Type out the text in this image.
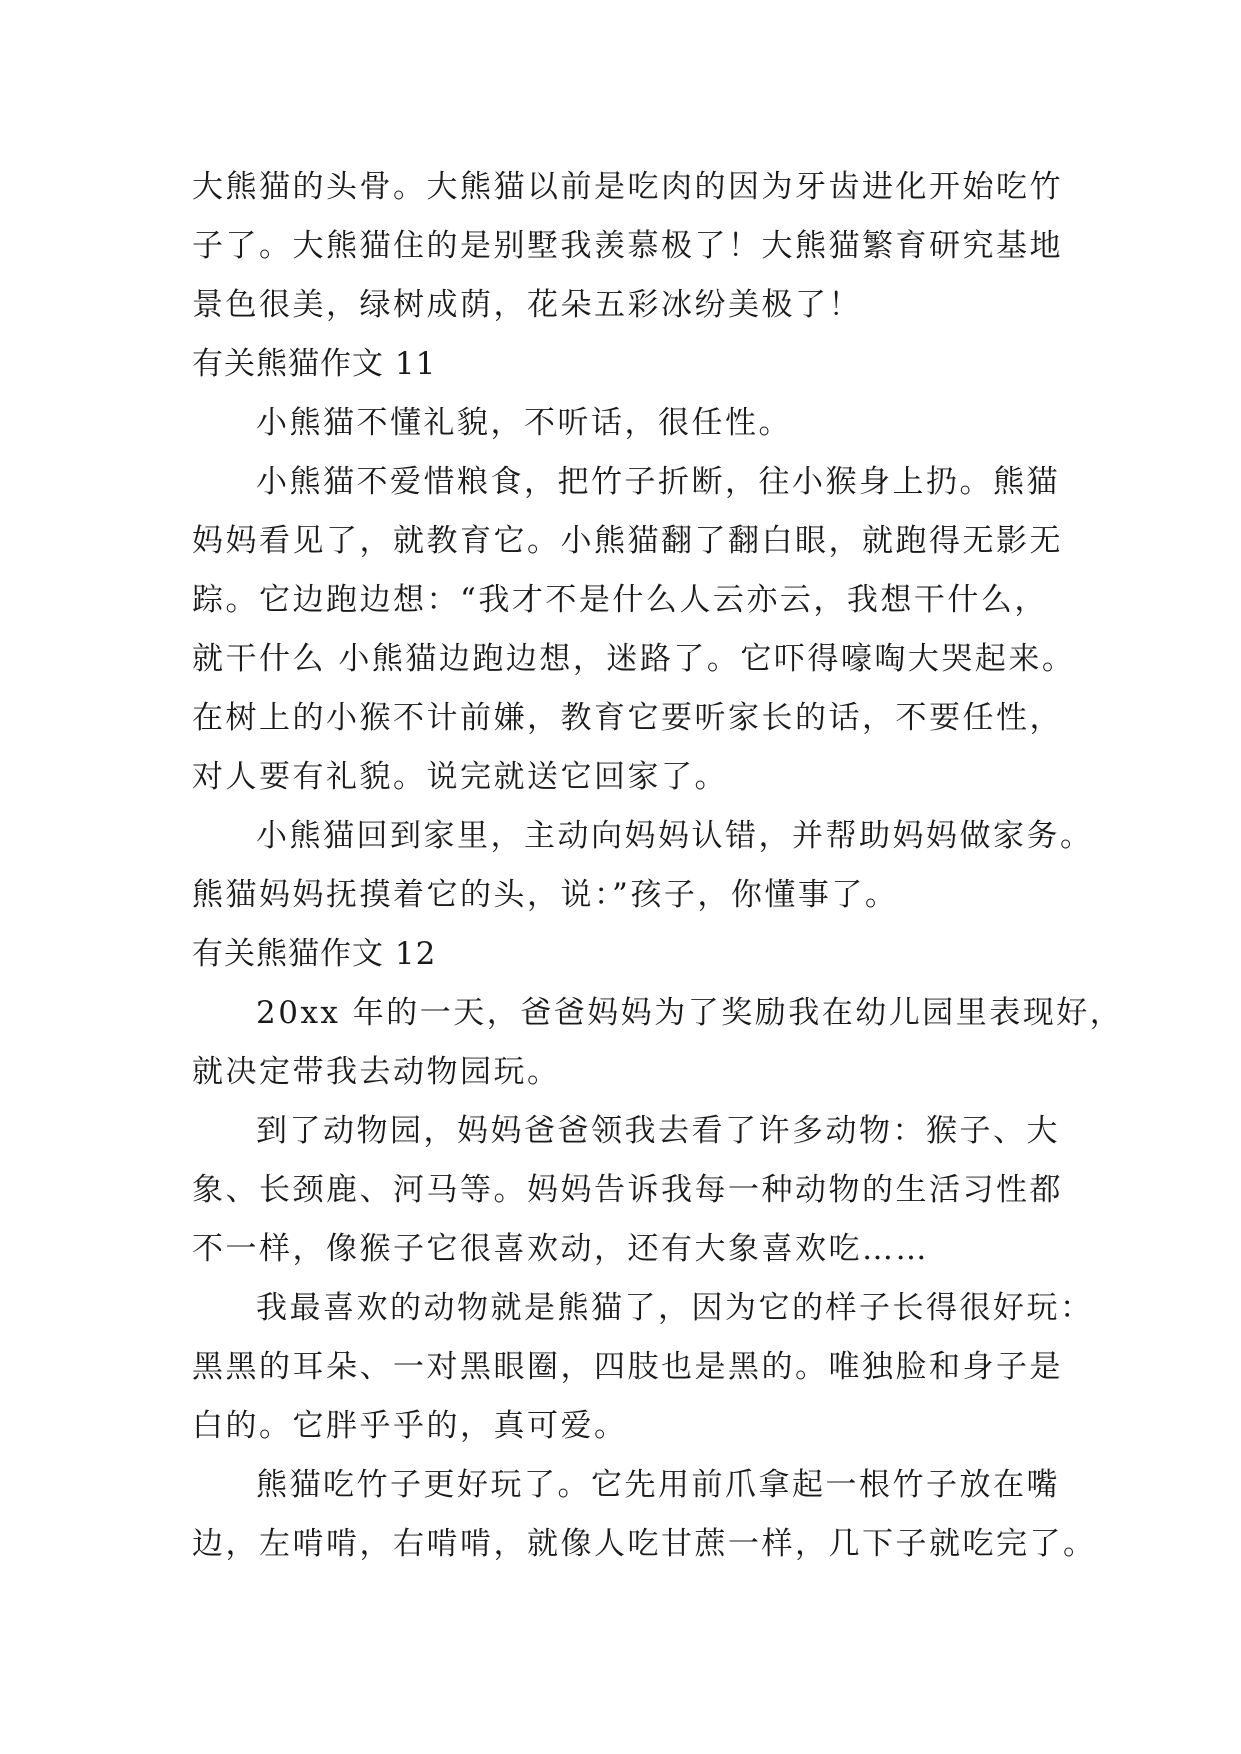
大熊猫的头骨。大熊猫以前是吃肉的因为牙齿进化开始吃竹
子了。大熊猫住的是别墅我羡慕极了！大熊猫繁育研究基地
景色很美，绿树成荫，花朵五彩冰纷美极了！
有关熊猫作文 11
小熊猫不懂礼貌，不听话，很任性。
小熊猫不爱惜粮食，把竹子折断，往小猴身上扔。熊猫
妈妈看见了，就教育它。小熊猫翻了翻白眼，就跑得无影无
踪。它边跑边想：“我才不是什么人云亦云，我想干什么，
就干什么 小熊猫边跑边想，迷路了。它吓得嚎啕大哭起来。
在树上的小猴不计前嫌，教育它要听家长的话，不要任性，
对人要有礼貌。说完就送它回家了。
小熊猫回到家里，主动向妈妈认错，并帮助妈妈做家务。
熊猫妈妈抚摸着它的头，说：”孩子，你懂事了。
有关熊猫作文 12
20xx 年的一天，爸爸妈妈为了奖励我在幼儿园里表现好，
就决定带我去动物园玩。
到了动物园，妈妈爸爸领我去看了许多动物：猴子、大
象、长颈鹿、河马等。妈妈告诉我每一种动物的生活习性都
不一样，像猴子它很喜欢动，还有大象喜欢吃……
我最喜欢的动物就是熊猫了，因为它的样子长得很好玩：
黑黑的耳朵、一对黑眼圈，四肢也是黑的。唯独脸和身子是
白的。它胖乎乎的，真可爱。
熊猫吃竹子更好玩了。它先用前爪拿起一根竹子放在嘴
边，左啃啃，右啃啃，就像人吃甘蔗一样，几下子就吃完了。
